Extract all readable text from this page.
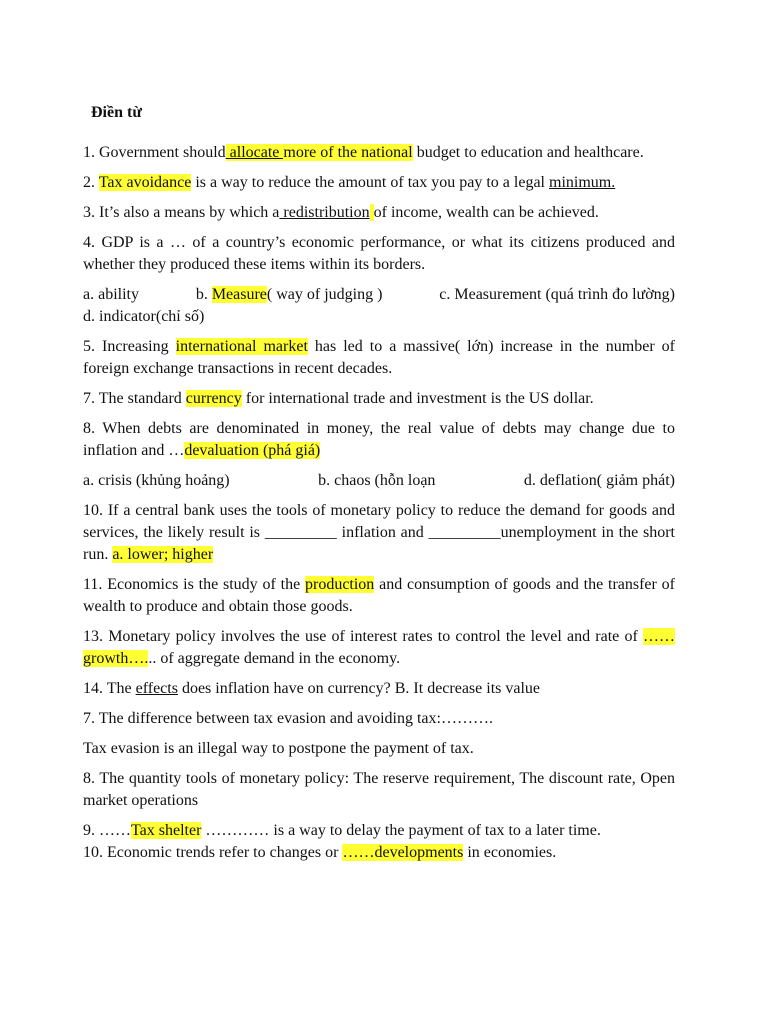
Điền từ

1. Government should allocate more of the national budget to education and healthcare.

2. Tax avoidance is a way to reduce the amount of tax you pay to a legal minimum.

3. It’s also a means by which a redistribution of income, wealth can be achieved.

4. GDP is a … of a country’s economic performance, or what its citizens produced and whether they produced these items within its borders.

a. ability	b. Measure( way of judging )	c. Measurement (quá trình đo lường)

d. indicator(chỉ số)

5. Increasing international market has led to a massive( lớn) increase in the number of foreign exchange transactions in recent decades.

7. The standard currency for international trade and investment is the US dollar.

8. When debts are denominated in money, the real value of debts may change due to inflation and …devaluation (phá giá)

a. crisis (khủng hoảng)	b. chaos (hỗn loạn	d. deflation( giảm phát)

10. If a central bank uses the tools of monetary policy to reduce the demand for goods and services, the likely result is _________ inflation and _________unemployment in the short run. a. lower; higher

11. Economics is the study of the production and consumption of goods and the transfer of wealth to produce and obtain those goods.

13. Monetary policy involves the use of interest rates to control the level and rate of ……growth…... of aggregate demand in the economy.

14. The effects does inflation have on currency? B. It decrease its value

7. The difference between tax evasion and avoiding tax:……….

Tax evasion is an illegal way to postpone the payment of tax.

8. The quantity tools of monetary policy: The reserve requirement, The discount rate, Open market operations

9. ……Tax shelter ………… is a way to delay the payment of tax to a later time.

10. Economic trends refer to changes or ……developments in economies.
